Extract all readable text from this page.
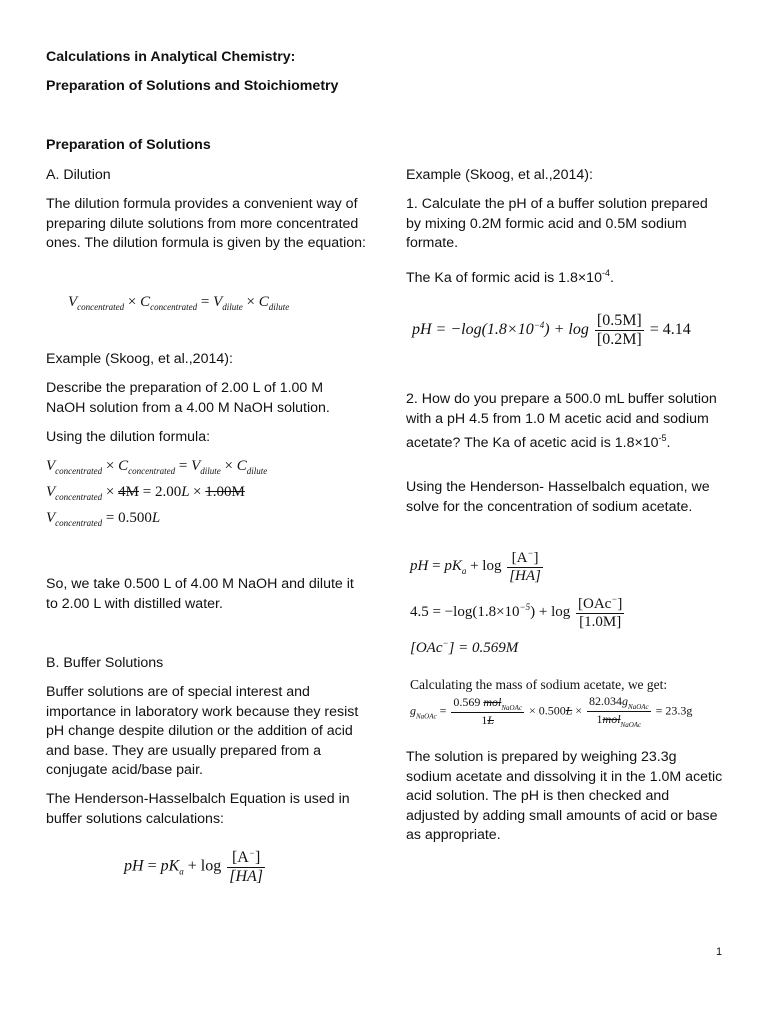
Calculations in Analytical Chemistry:

Preparation of Solutions and Stoichiometry

Preparation of Solutions

A. Dilution

The dilution formula provides a convenient way of preparing dilute solutions from more concentrated ones. The dilution formula is given by the equation:

$V_{concentrated} \times C_{concentrated} = V_{dilute} \times C_{dilute}$

Example (Skoog, et al.,2014):

Describe the preparation of 2.00 L of 1.00 M NaOH solution from a 4.00 M NaOH solution.

Using the dilution formula:

$V_{concentrated} \times C_{concentrated} = V_{dilute} \times C_{dilute}$
$V_{concentrated} \times 4M = 2.00L \times 1.00M$
$V_{concentrated} = 0.500L$

So, we take 0.500 L of 4.00 M NaOH and dilute it to 2.00 L with distilled water.

B. Buffer Solutions

Buffer solutions are of special interest and importance in laboratory work because they resist pH change despite dilution or the addition of acid and base. They are usually prepared from a conjugate acid/base pair.

The Henderson-Hasselbalch Equation is used in buffer solutions calculations:

pH = $pK_a + \log \frac{[A^-]}{[HA]}$

Example (Skoog, et al.,2014):

1. Calculate the pH of a buffer solution prepared by mixing 0.2M formic acid and 0.5M sodium formate.

The Ka of formic acid is $1.8\times 10^{-4}$.

pH = $-\log(1.8\times 10^{-4}) + \log \frac{[0.5M]}{[0.2M]} = 4.14$

2. How do you prepare a 500.0 mL buffer solution with a pH 4.5 from 1.0 M acetic acid and sodium acetate? The Ka of acetic acid is $1.8\times 10^{-5}$.

Using the Henderson- Hasselbalch equation, we solve for the concentration of sodium acetate.

pH = $pK_a + \log \frac{[A^-]}{[HA]}$
$4.5 = -\log(1.8\times 10^{-5}) + \log \frac{[OAc^-]}{[1.0M]}$
[OAc−] = 0.569M

Calculating the mass of sodium acetate, we get:

$g_{NaOAc} = \frac{0.569 mol_{NaOAc}}{1L} \times 0.500L \times \frac{82.034g_{NaOAc}}{1mol_{NaOAc}} = 23.3g$

The solution is prepared by weighing 23.3g sodium acetate and dissolving it in the 1.0M acetic acid solution. The pH is then checked and adjusted by adding small amounts of acid or base as appropriate.

1
